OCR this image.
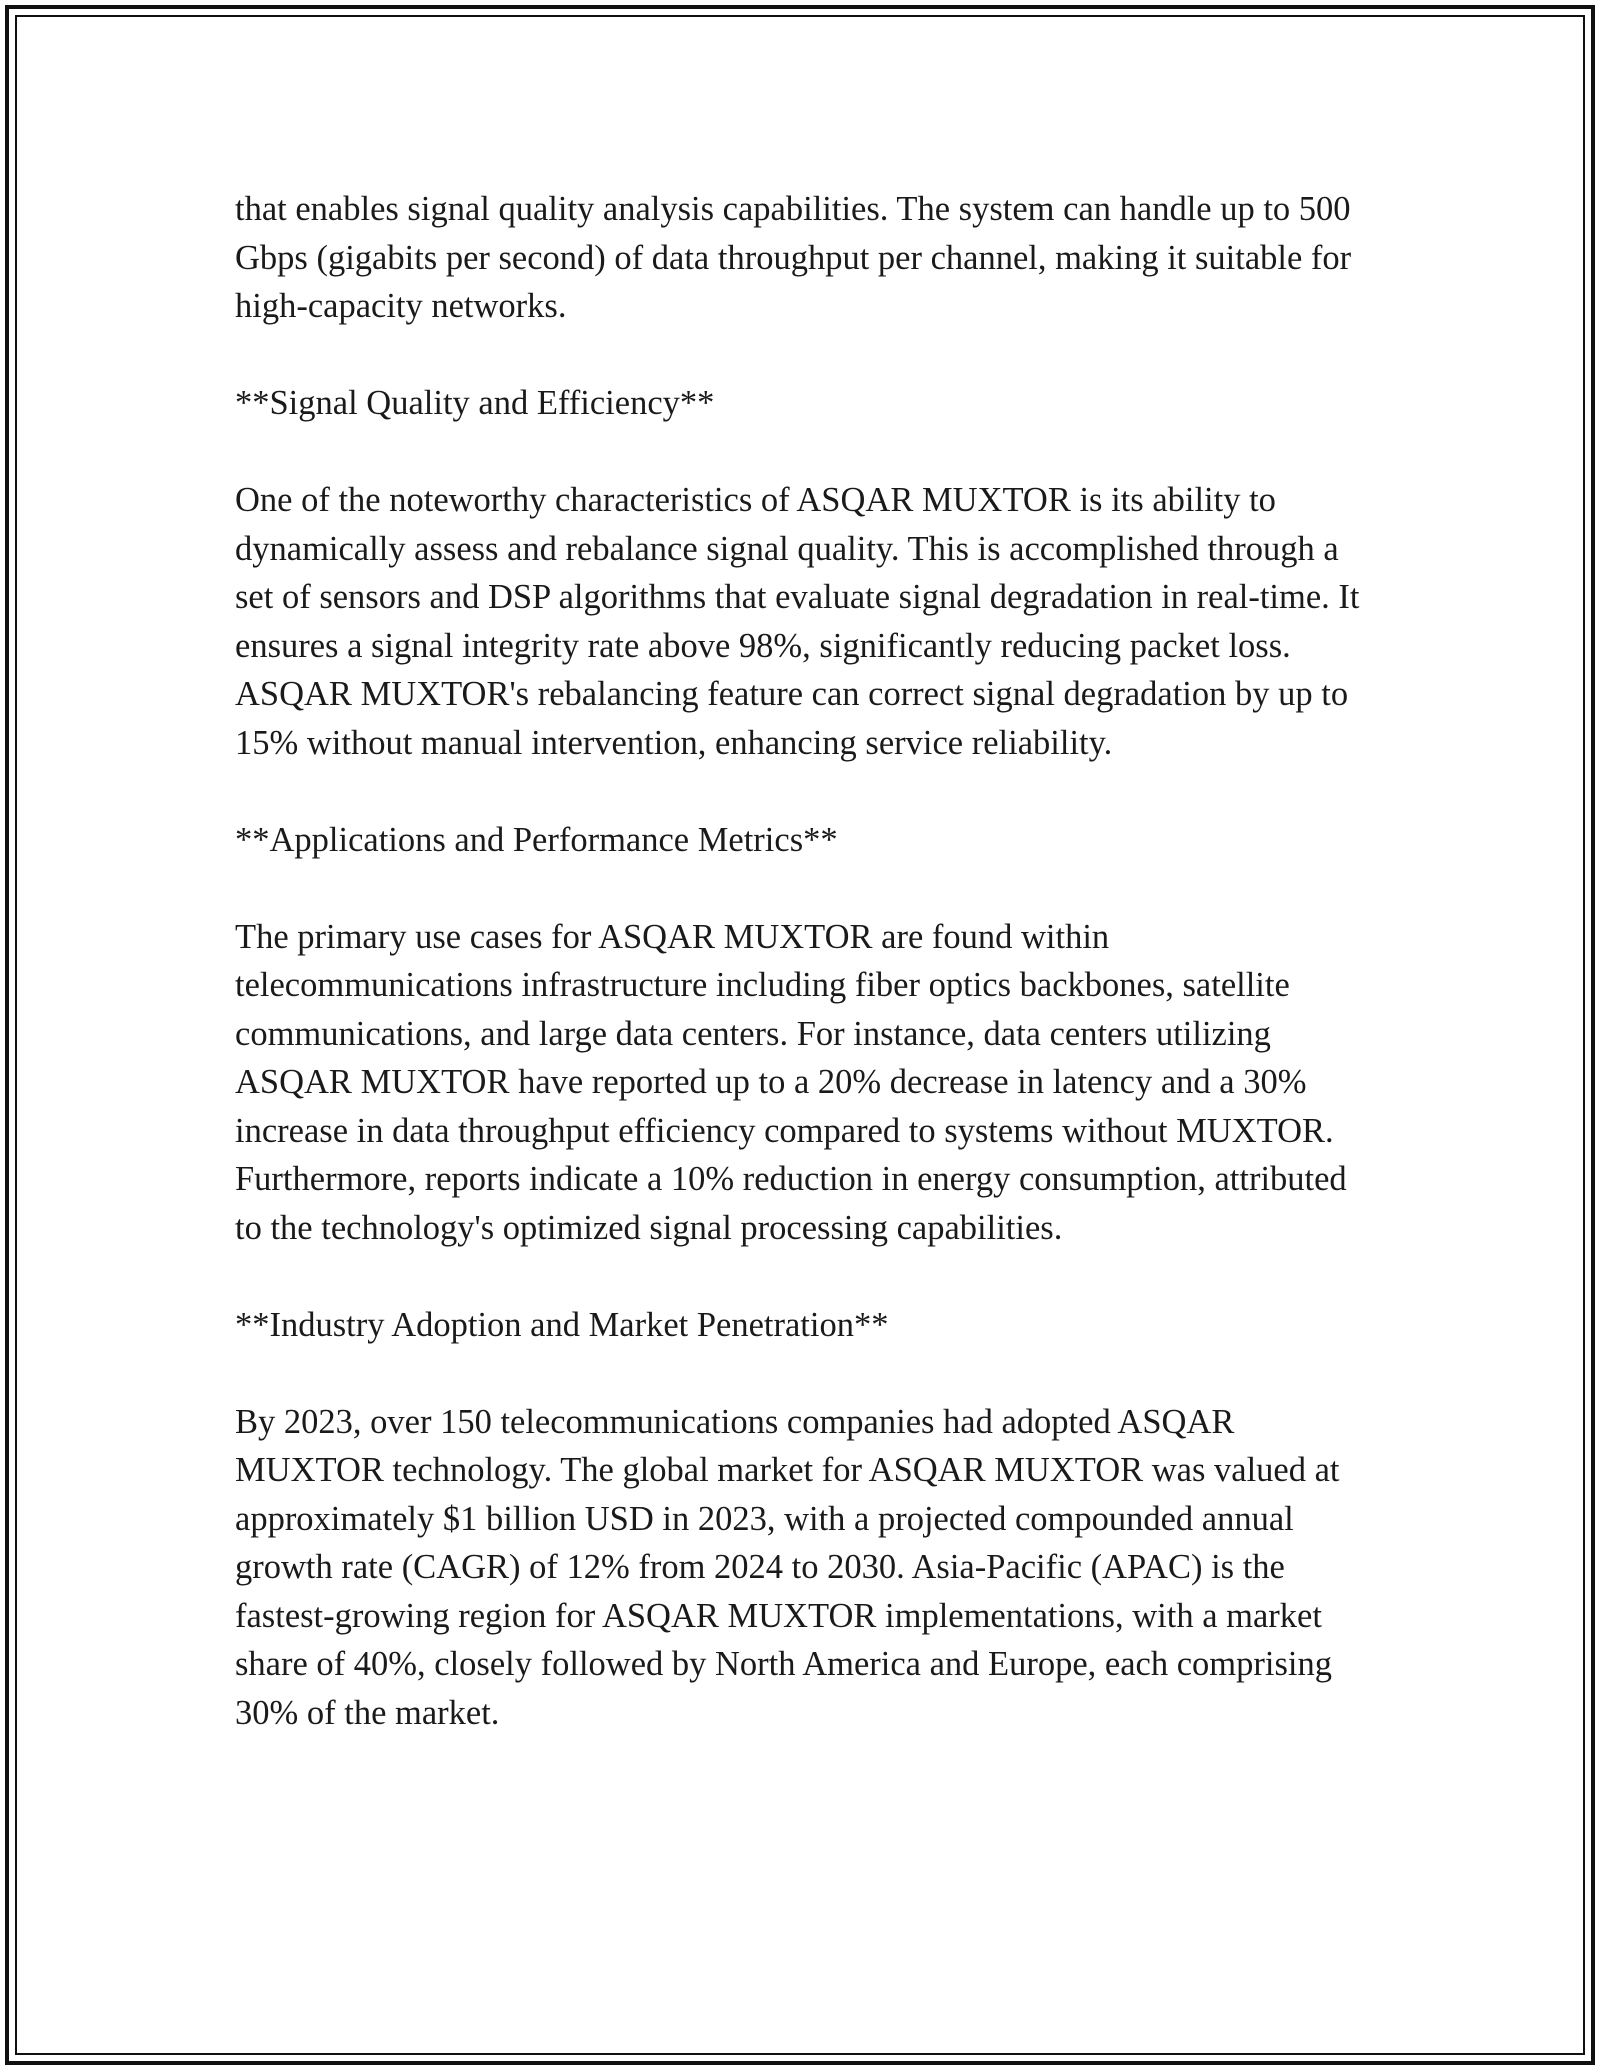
that enables signal quality analysis capabilities. The system can handle up to 500 Gbps (gigabits per second) of data throughput per channel, making it suitable for high-capacity networks.

**Signal Quality and Efficiency**

One of the noteworthy characteristics of ASQAR MUXTOR is its ability to dynamically assess and rebalance signal quality. This is accomplished through a set of sensors and DSP algorithms that evaluate signal degradation in real-time. It ensures a signal integrity rate above 98%, significantly reducing packet loss. ASQAR MUXTOR's rebalancing feature can correct signal degradation by up to 15% without manual intervention, enhancing service reliability.

**Applications and Performance Metrics**

The primary use cases for ASQAR MUXTOR are found within telecommunications infrastructure including fiber optics backbones, satellite communications, and large data centers. For instance, data centers utilizing ASQAR MUXTOR have reported up to a 20% decrease in latency and a 30% increase in data throughput efficiency compared to systems without MUXTOR. Furthermore, reports indicate a 10% reduction in energy consumption, attributed to the technology's optimized signal processing capabilities.

**Industry Adoption and Market Penetration**

By 2023, over 150 telecommunications companies had adopted ASQAR MUXTOR technology. The global market for ASQAR MUXTOR was valued at approximately $1 billion USD in 2023, with a projected compounded annual growth rate (CAGR) of 12% from 2024 to 2030. Asia-Pacific (APAC) is the fastest-growing region for ASQAR MUXTOR implementations, with a market share of 40%, closely followed by North America and Europe, each comprising 30% of the market.
